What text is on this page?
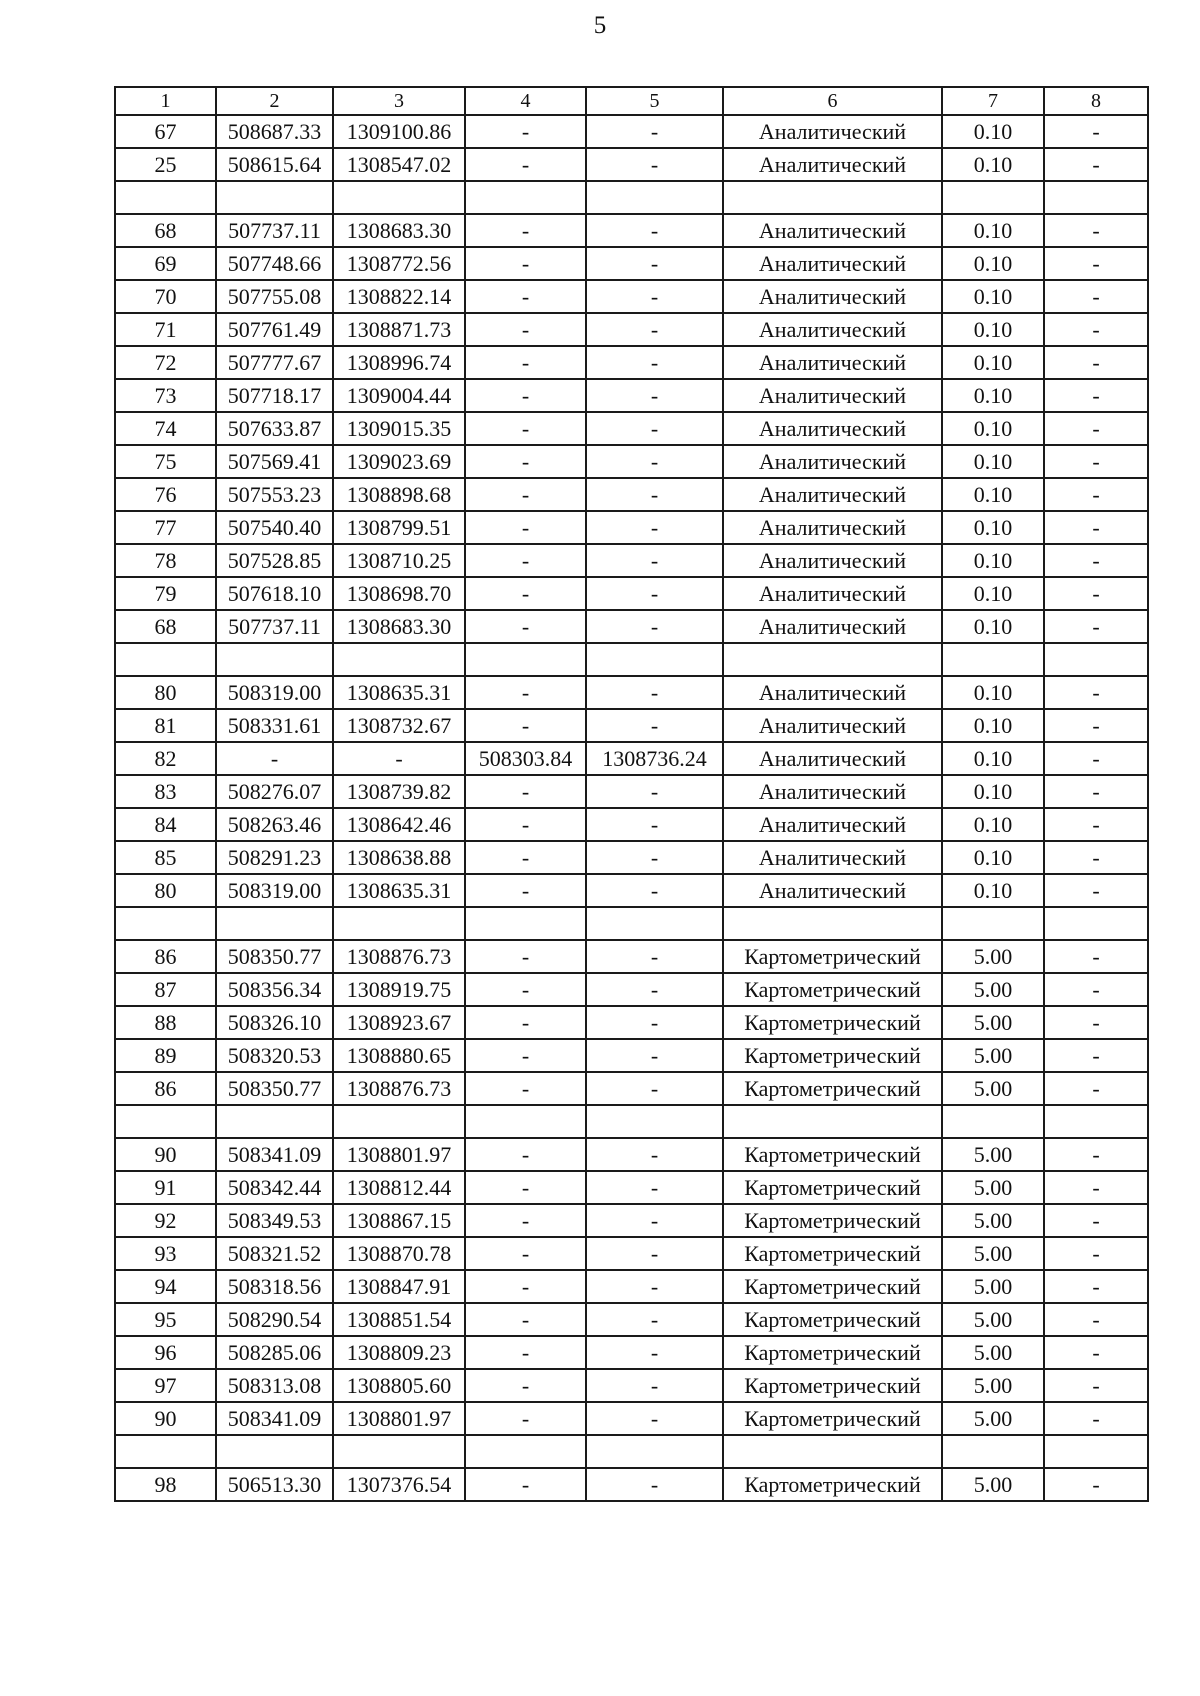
5
1	2	3	4	5	6	7	8
67	508687.33	1309100.86	-	-	Аналитический	0.10	-
25	508615.64	1308547.02	-	-	Аналитический	0.10	-

68	507737.11	1308683.30	-	-	Аналитический	0.10	-
69	507748.66	1308772.56	-	-	Аналитический	0.10	-
70	507755.08	1308822.14	-	-	Аналитический	0.10	-
71	507761.49	1308871.73	-	-	Аналитический	0.10	-
72	507777.67	1308996.74	-	-	Аналитический	0.10	-
73	507718.17	1309004.44	-	-	Аналитический	0.10	-
74	507633.87	1309015.35	-	-	Аналитический	0.10	-
75	507569.41	1309023.69	-	-	Аналитический	0.10	-
76	507553.23	1308898.68	-	-	Аналитический	0.10	-
77	507540.40	1308799.51	-	-	Аналитический	0.10	-
78	507528.85	1308710.25	-	-	Аналитический	0.10	-
79	507618.10	1308698.70	-	-	Аналитический	0.10	-
68	507737.11	1308683.30	-	-	Аналитический	0.10	-

80	508319.00	1308635.31	-	-	Аналитический	0.10	-
81	508331.61	1308732.67	-	-	Аналитический	0.10	-
82	-	-	508303.84	1308736.24	Аналитический	0.10	-
83	508276.07	1308739.82	-	-	Аналитический	0.10	-
84	508263.46	1308642.46	-	-	Аналитический	0.10	-
85	508291.23	1308638.88	-	-	Аналитический	0.10	-
80	508319.00	1308635.31	-	-	Аналитический	0.10	-

86	508350.77	1308876.73	-	-	Картометрический	5.00	-
87	508356.34	1308919.75	-	-	Картометрический	5.00	-
88	508326.10	1308923.67	-	-	Картометрический	5.00	-
89	508320.53	1308880.65	-	-	Картометрический	5.00	-
86	508350.77	1308876.73	-	-	Картометрический	5.00	-

90	508341.09	1308801.97	-	-	Картометрический	5.00	-
91	508342.44	1308812.44	-	-	Картометрический	5.00	-
92	508349.53	1308867.15	-	-	Картометрический	5.00	-
93	508321.52	1308870.78	-	-	Картометрический	5.00	-
94	508318.56	1308847.91	-	-	Картометрический	5.00	-
95	508290.54	1308851.54	-	-	Картометрический	5.00	-
96	508285.06	1308809.23	-	-	Картометрический	5.00	-
97	508313.08	1308805.60	-	-	Картометрический	5.00	-
90	508341.09	1308801.97	-	-	Картометрический	5.00	-

98	506513.30	1307376.54	-	-	Картометрический	5.00	-
